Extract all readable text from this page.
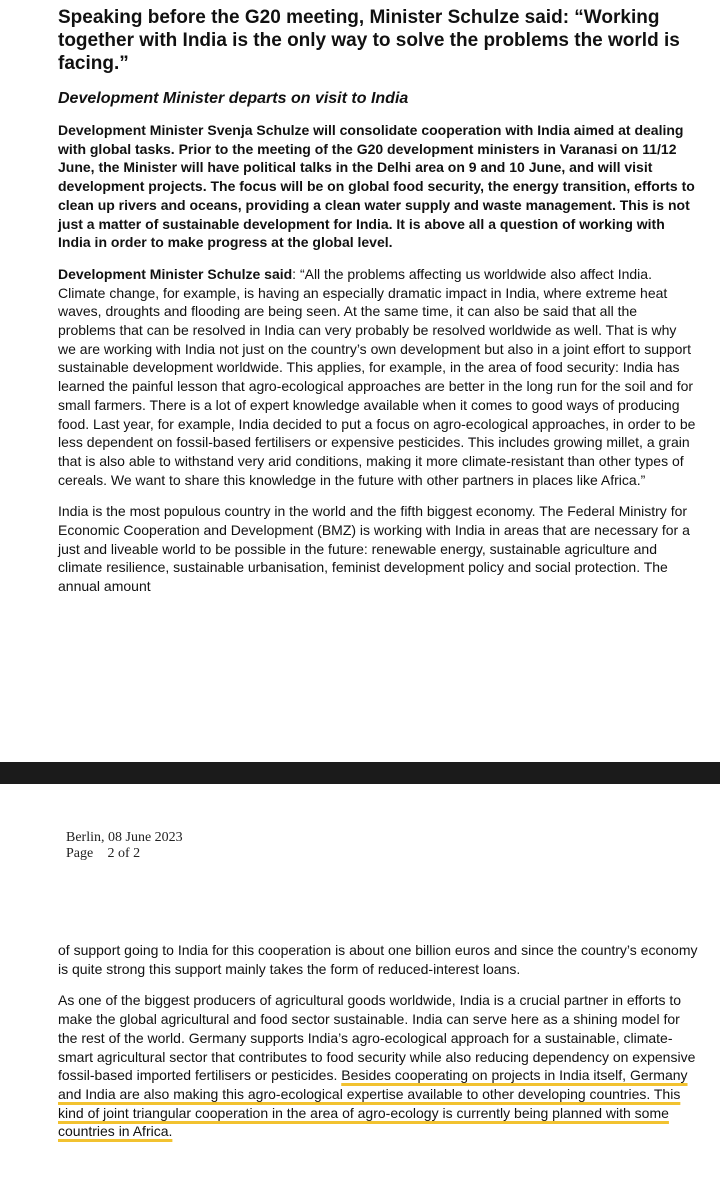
Speaking before the G20 meeting, Minister Schulze said: “Working together with India is the only way to solve the problems the world is facing.”

Development Minister departs on visit to India

Development Minister Svenja Schulze will consolidate cooperation with India aimed at dealing with global tasks. Prior to the meeting of the G20 development ministers in Varanasi on 11/12 June, the Minister will have political talks in the Delhi area on 9 and 10 June, and will visit development projects. The focus will be on global food security, the energy transition, efforts to clean up rivers and oceans, providing a clean water supply and waste management. This is not just a matter of sustainable development for India. It is above all a question of working with India in order to make progress at the global level.

Development Minister Schulze said: “All the problems affecting us worldwide also affect India. Climate change, for example, is having an especially dramatic impact in India, where extreme heat waves, droughts and flooding are being seen. At the same time, it can also be said that all the problems that can be resolved in India can very probably be resolved worldwide as well. That is why we are working with India not just on the country’s own development but also in a joint effort to support sustainable development worldwide. This applies, for example, in the area of food security: India has learned the painful lesson that agro-ecological approaches are better in the long run for the soil and for small farmers. There is a lot of expert knowledge available when it comes to good ways of producing food. Last year, for example, India decided to put a focus on agro-ecological approaches, in order to be less dependent on fossil-based fertilisers or expensive pesticides. This includes growing millet, a grain that is also able to withstand very arid conditions, making it more climate-resistant than other types of cereals. We want to share this knowledge in the future with other partners in places like Africa.”

India is the most populous country in the world and the fifth biggest economy. The Federal Ministry for Economic Cooperation and Development (BMZ) is working with India in areas that are necessary for a just and liveable world to be possible in the future: renewable energy, sustainable agriculture and climate resilience, sustainable urbanisation, feminist development policy and social protection. The annual amount

Berlin, 08 June 2023
Page 2 of 2

of support going to India for this cooperation is about one billion euros and since the country’s economy is quite strong this support mainly takes the form of reduced-interest loans.

As one of the biggest producers of agricultural goods worldwide, India is a crucial partner in efforts to make the global agricultural and food sector sustainable. India can serve here as a shining model for the rest of the world. Germany supports India’s agro-ecological approach for a sustainable, climate-smart agricultural sector that contributes to food security while also reducing dependency on expensive fossil-based imported fertilisers or pesticides. Besides cooperating on projects in India itself, Germany and India are also making this agro-ecological expertise available to other developing countries. This kind of joint triangular cooperation in the area of agro-ecology is currently being planned with some countries in Africa.
